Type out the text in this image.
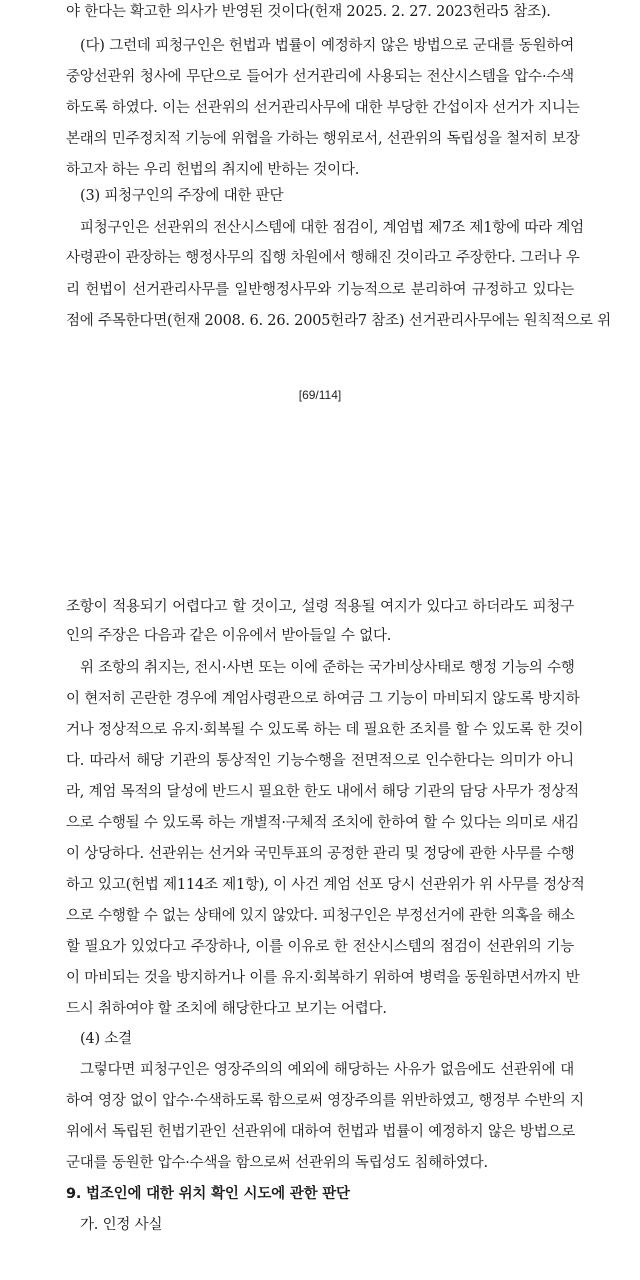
야 한다는 확고한 의사가 반영된 것이다(헌재 2025. 2. 27. 2023헌라5 참조).
(다) 그런데 피청구인은 헌법과 법률이 예정하지 않은 방법으로 군대를 동원하여
중앙선관위 청사에 무단으로 들어가 선거관리에 사용되는 전산시스템을 압수·수색
하도록 하였다. 이는 선관위의 선거관리사무에 대한 부당한 간섭이자 선거가 지니는
본래의 민주정치적 기능에 위협을 가하는 행위로서, 선관위의 독립성을 철저히 보장
하고자 하는 우리 헌법의 취지에 반하는 것이다.
(3) 피청구인의 주장에 대한 판단
피청구인은 선관위의 전산시스템에 대한 점검이, 계엄법 제7조 제1항에 따라 계엄
사령관이 관장하는 행정사무의 집행 차원에서 행해진 것이라고 주장한다. 그러나 우
리 헌법이 선거관리사무를 일반행정사무와 기능적으로 분리하여 규정하고 있다는
점에 주목한다면(헌재 2008. 6. 26. 2005헌라7 참조) 선거관리사무에는 원칙적으로 위
[69/114]
조항이 적용되기 어렵다고 할 것이고, 설령 적용될 여지가 있다고 하더라도 피청구
인의 주장은 다음과 같은 이유에서 받아들일 수 없다.
위 조항의 취지는, 전시·사변 또는 이에 준하는 국가비상사태로 행정 기능의 수행
이 현저히 곤란한 경우에 계엄사령관으로 하여금 그 기능이 마비되지 않도록 방지하
거나 정상적으로 유지·회복될 수 있도록 하는 데 필요한 조치를 할 수 있도록 한 것이
다. 따라서 해당 기관의 통상적인 기능수행을 전면적으로 인수한다는 의미가 아니
라, 계엄 목적의 달성에 반드시 필요한 한도 내에서 해당 기관의 담당 사무가 정상적
으로 수행될 수 있도록 하는 개별적·구체적 조치에 한하여 할 수 있다는 의미로 새김
이 상당하다. 선관위는 선거와 국민투표의 공정한 관리 및 정당에 관한 사무를 수행
하고 있고(헌법 제114조 제1항), 이 사건 계엄 선포 당시 선관위가 위 사무를 정상적
으로 수행할 수 없는 상태에 있지 않았다. 피청구인은 부정선거에 관한 의혹을 해소
할 필요가 있었다고 주장하나, 이를 이유로 한 전산시스템의 점검이 선관위의 기능
이 마비되는 것을 방지하거나 이를 유지·회복하기 위하여 병력을 동원하면서까지 반
드시 취하여야 할 조치에 해당한다고 보기는 어렵다.
(4) 소결
그렇다면 피청구인은 영장주의의 예외에 해당하는 사유가 없음에도 선관위에 대
하여 영장 없이 압수·수색하도록 함으로써 영장주의를 위반하였고, 행정부 수반의 지
위에서 독립된 헌법기관인 선관위에 대하여 헌법과 법률이 예정하지 않은 방법으로
군대를 동원한 압수·수색을 함으로써 선관위의 독립성도 침해하였다.
9. 법조인에 대한 위치 확인 시도에 관한 판단
가. 인정 사실
